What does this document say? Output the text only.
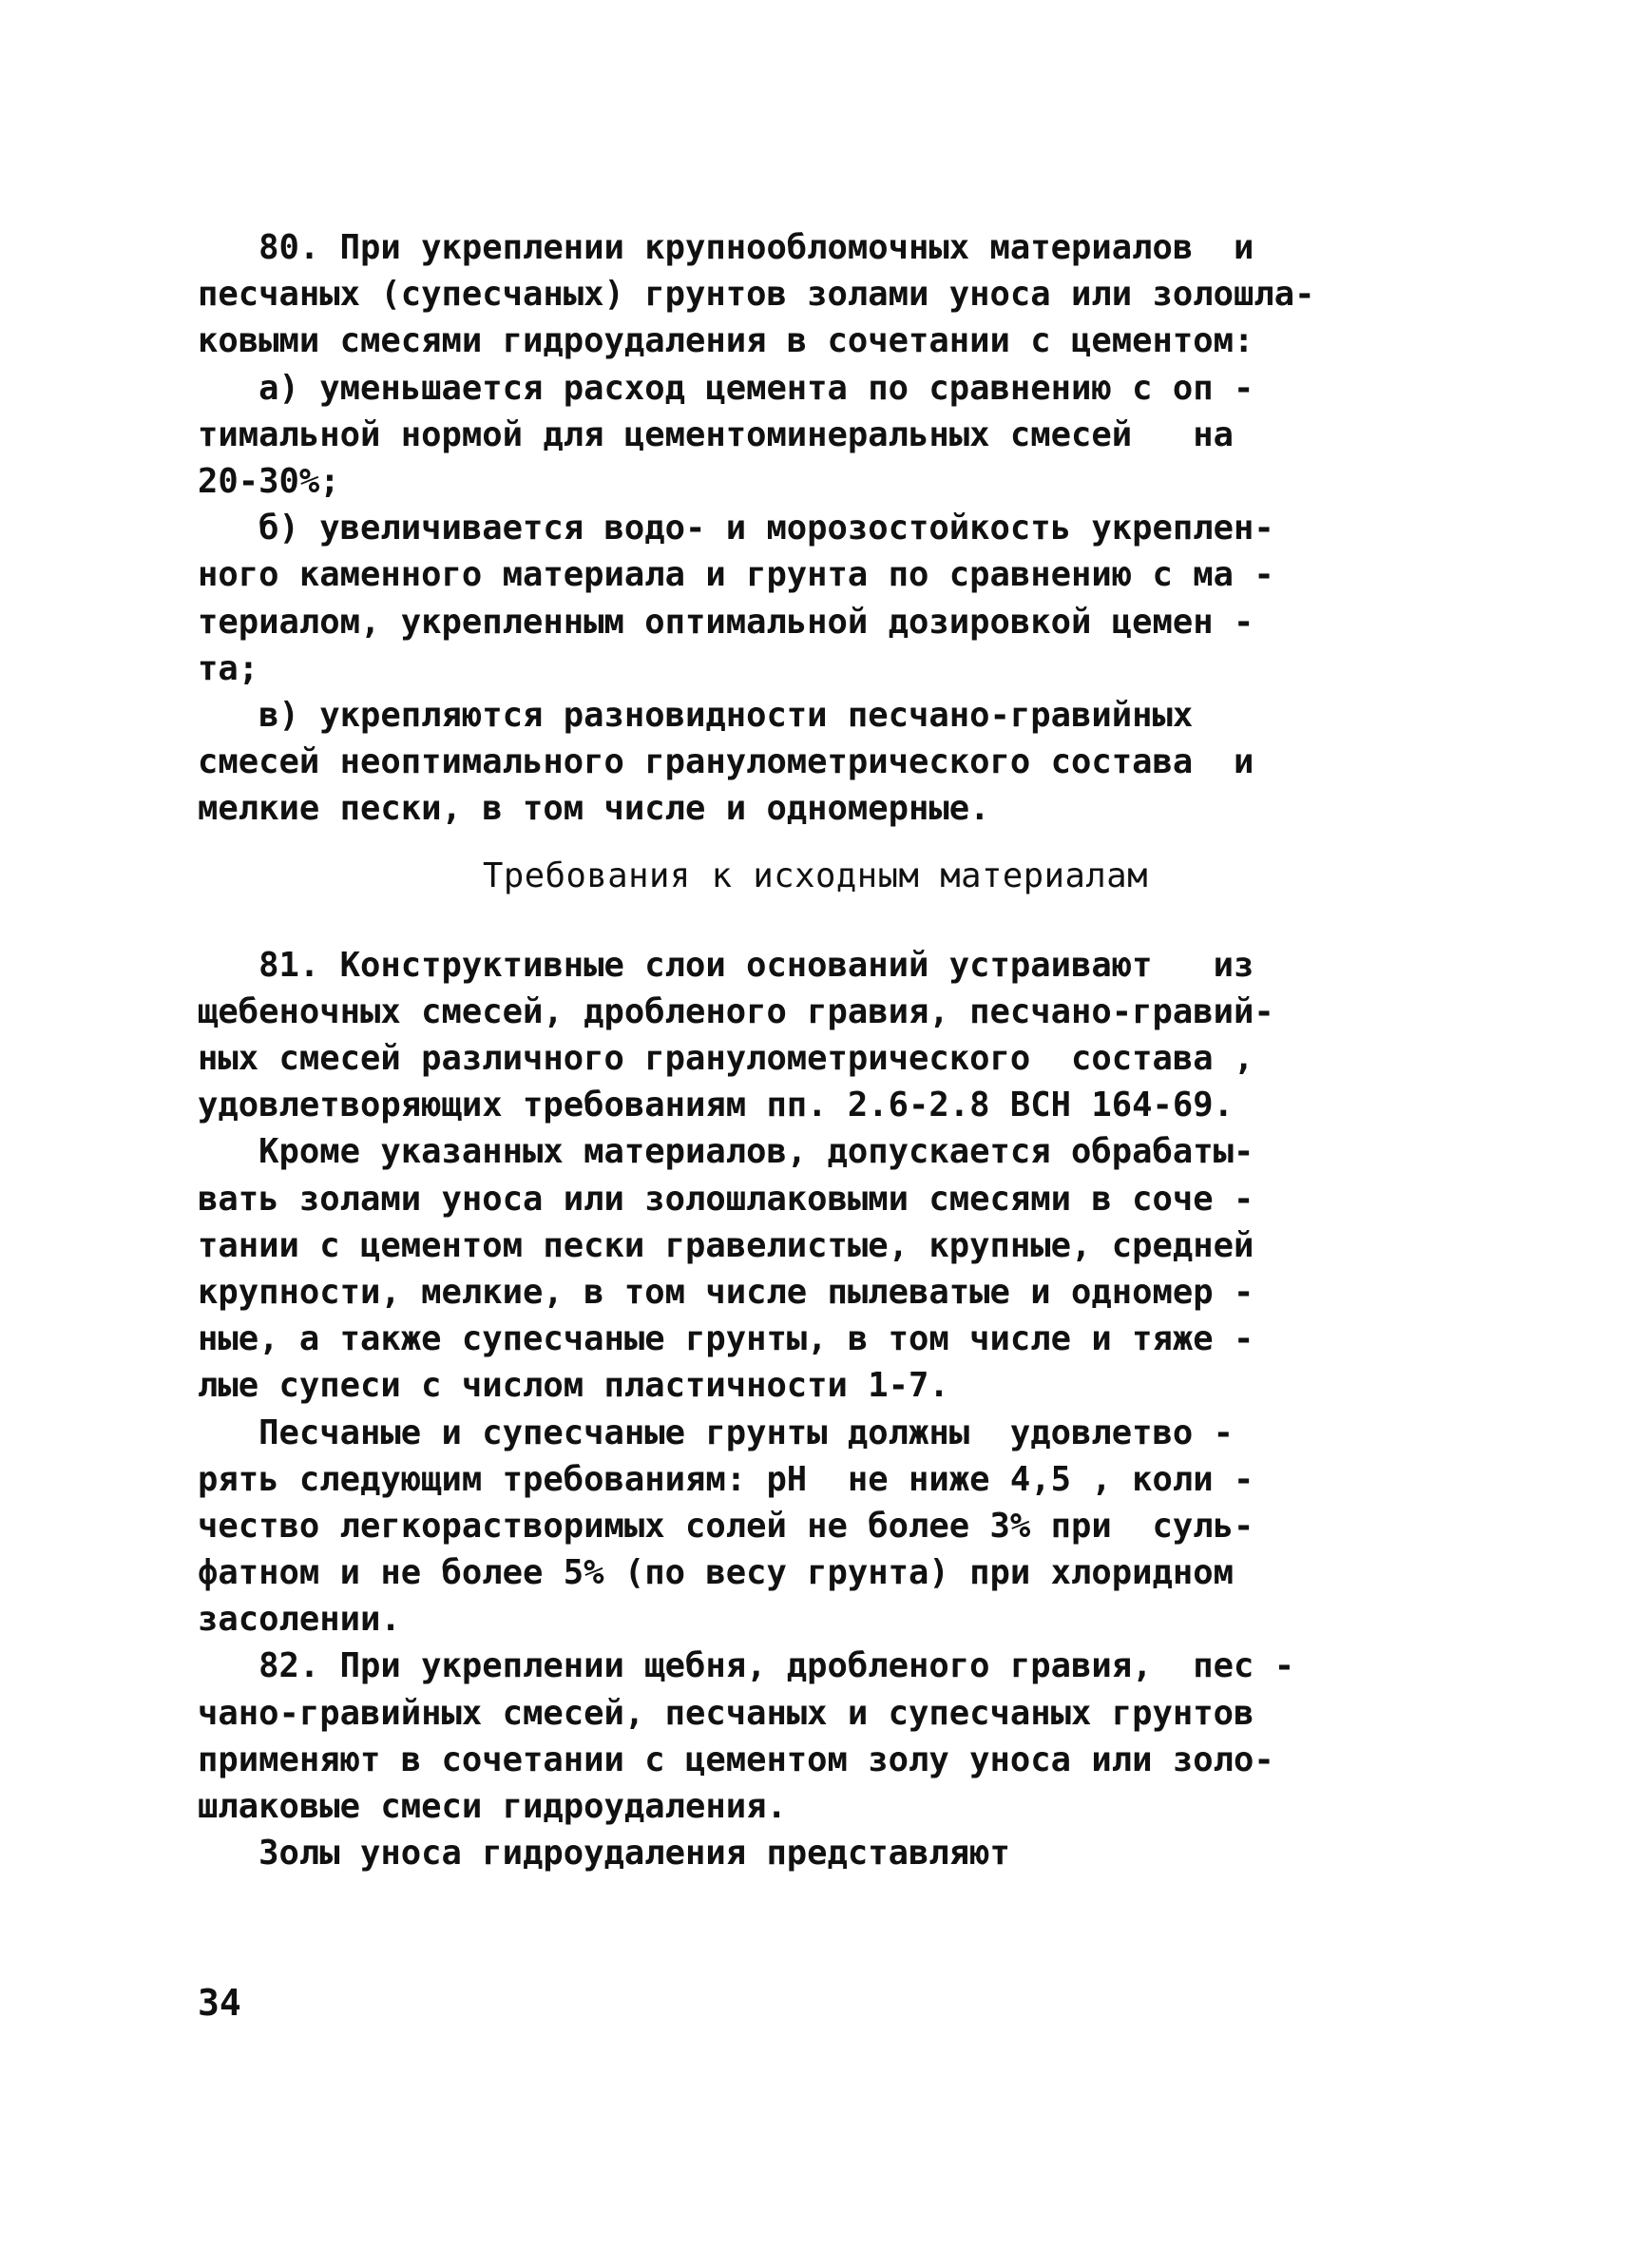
80. При укреплении крупнообломочных материалов  и
песчаных (супесчаных) грунтов золами уноса или золошла-
ковыми смесями гидроудаления в сочетании с цементом:
а) уменьшается расход цемента по сравнению с оп -
тимальной нормой для цементоминеральных смесей   на
20-30%;
б) увеличивается водо- и морозостойкость укреплен-
ного каменного материала и грунта по сравнению с ма -
териалом, укрепленным оптимальной дозировкой цемен -
та;
в) укрепляются разновидности песчано-гравийных
смесей неоптимального гранулометрического состава  и
мелкие пески, в том числе и одномерные.
Требования к исходным материалам
81. Конструктивные слои оснований устраивают   из
щебеночных смесей, дробленого гравия, песчано-гравий-
ных смесей различного гранулометрического  состава ,
удовлетворяющих требованиям пп. 2.6-2.8 ВСН 164-69.
Кроме указанных материалов, допускается обрабаты-
вать золами уноса или золошлаковыми смесями в соче -
тании с цементом пески гравелистые, крупные, средней
крупности, мелкие, в том числе пылеватые и одномер -
ные, а также супесчаные грунты, в том числе и тяже -
лые супеси с числом пластичности 1-7.
Песчаные и супесчаные грунты должны  удовлетво -
рять следующим требованиям: pH  не ниже 4,5 , коли -
чество легкорастворимых солей не более 3% при  суль-
фатном и не более 5% (по весу грунта) при хлоридном
засолении.
82. При укреплении щебня, дробленого гравия,  пес -
чано-гравийных смесей, песчаных и супесчаных грунтов
применяют в сочетании с цементом золу уноса или золо-
шлаковые смеси гидроудаления.
Золы уноса гидроудаления представляют
34
